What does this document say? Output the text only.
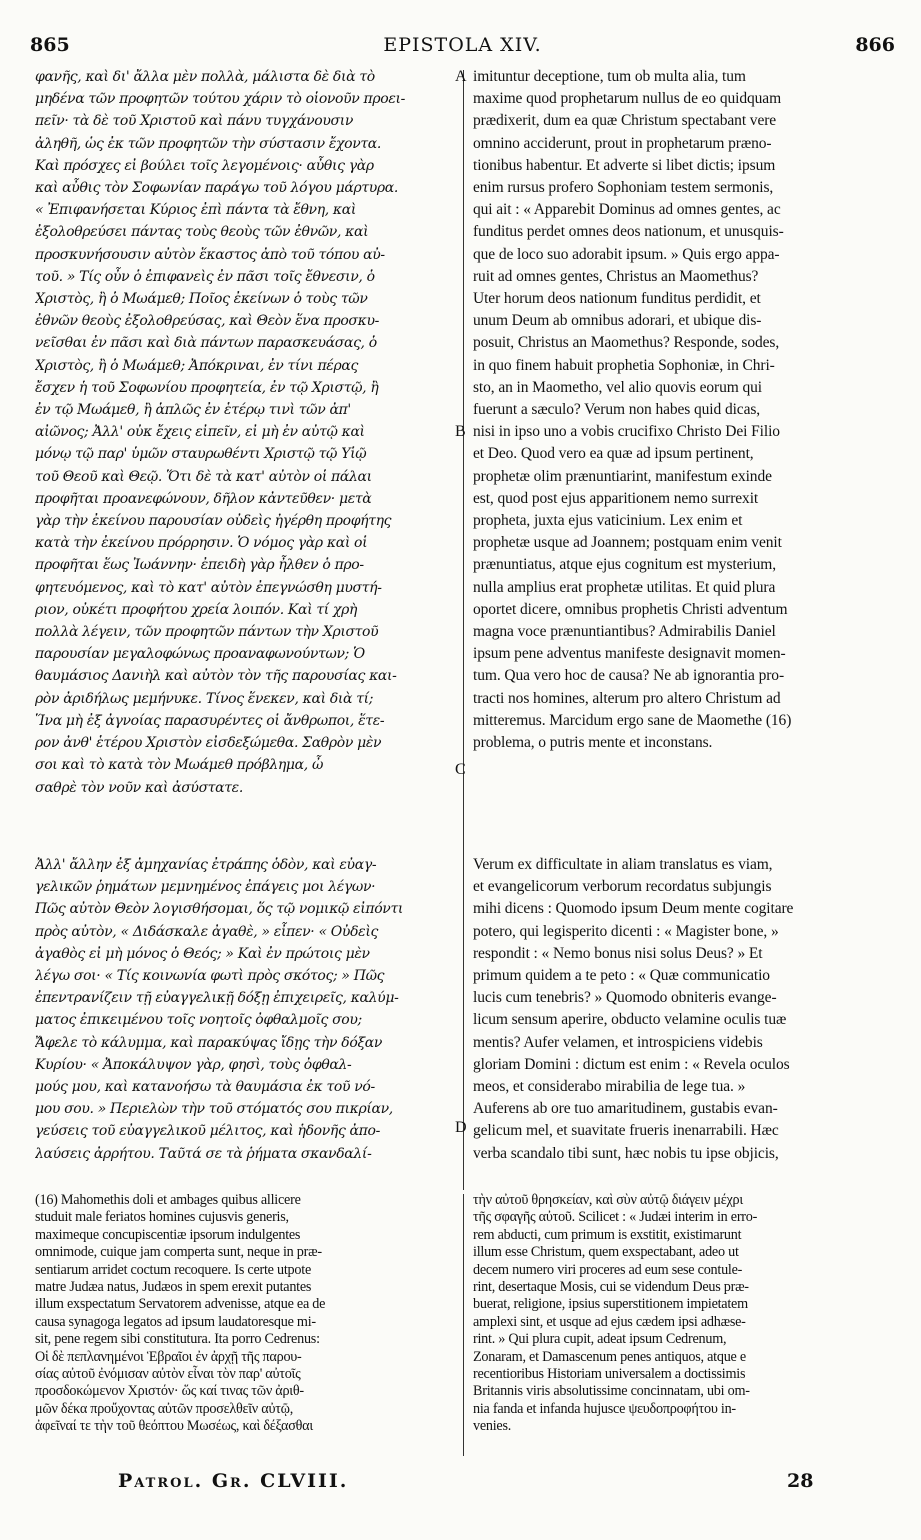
865	EPISTOLA XIV.	866
A
B
C
D
φανῆς, καὶ δι' ἄλλα μὲν πολλὰ, μάλιστα δὲ διὰ τὸ
μηδένα τῶν προφητῶν τούτου χάριν τὸ οἱονοῦν προει-
πεῖν· τὰ δὲ τοῦ Χριστοῦ καὶ πάνυ τυγχάνουσιν
ἀληθῆ, ὡς ἐκ τῶν προφητῶν τὴν σύστασιν ἔχοντα.
Καὶ πρόσχες εἰ βούλει τοῖς λεγομένοις· αὖθις γὰρ
καὶ αὖθις τὸν Σοφωνίαν παράγω τοῦ λόγου μάρτυρα.
« Ἐπιφανήσεται Κύριος ἐπὶ πάντα τὰ ἔθνη, καὶ
ἐξολοθρεύσει πάντας τοὺς θεοὺς τῶν ἐθνῶν, καὶ
προσκυνήσουσιν αὐτὸν ἕκαστος ἀπὸ τοῦ τόπου αὐ-
τοῦ. » Τίς οὖν ὁ ἐπιφανεὶς ἐν πᾶσι τοῖς ἔθνεσιν, ὁ
Χριστὸς, ἢ ὁ Μωάμεθ; Ποῖος ἐκείνων ὁ τοὺς τῶν
ἐθνῶν θεοὺς ἐξολοθρεύσας, καὶ Θεὸν ἕνα προσκυ-
νεῖσθαι ἐν πᾶσι καὶ διὰ πάντων παρασκευάσας, ὁ
Χριστὸς, ἢ ὁ Μωάμεθ; Ἀπόκριναι, ἐν τίνι πέρας
ἔσχεν ἡ τοῦ Σοφωνίου προφητεία, ἐν τῷ Χριστῷ, ἢ
ἐν τῷ Μωάμεθ, ἢ ἁπλῶς ἐν ἑτέρῳ τινὶ τῶν ἀπ'
αἰῶνος; Ἀλλ' οὐκ ἔχεις εἰπεῖν, εἰ μὴ ἐν αὐτῷ καὶ
μόνῳ τῷ παρ' ὑμῶν σταυρωθέντι Χριστῷ τῷ Υἱῷ
τοῦ Θεοῦ καὶ Θεῷ. Ὅτι δὲ τὰ κατ' αὐτὸν οἱ πάλαι
προφῆται προανεφώνουν, δῆλον κἀντεῦθεν· μετὰ
γὰρ τὴν ἐκείνου παρουσίαν οὐδεὶς ἠγέρθη προφήτης
κατὰ τὴν ἐκείνου πρόρρησιν. Ὁ νόμος γὰρ καὶ οἱ
προφῆται ἕως Ἰωάννην· ἐπειδὴ γὰρ ἦλθεν ὁ προ-
φητευόμενος, καὶ τὸ κατ' αὐτὸν ἐπεγνώσθη μυστή-
ριον, οὐκέτι προφήτου χρεία λοιπόν. Καὶ τί χρὴ
πολλὰ λέγειν, τῶν προφητῶν πάντων τὴν Χριστοῦ
παρουσίαν μεγαλοφώνως προαναφωνούντων; Ὁ
θαυμάσιος Δανιὴλ καὶ αὐτὸν τὸν τῆς παρουσίας και-
ρὸν ἀριδήλως μεμήνυκε. Τίνος ἕνεκεν, καὶ διὰ τί;
Ἵνα μὴ ἐξ ἀγνοίας παρασυρέντες οἱ ἄνθρωποι, ἕτε-
ρον ἀνθ' ἑτέρου Χριστὸν εἰσδεξώμεθα. Σαθρὸν μὲν
σοι καὶ τὸ κατὰ τὸν Μωάμεθ πρόβλημα, ὦ
σαθρὲ τὸν νοῦν καὶ ἀσύστατε.
imituntur deceptione, tum ob multa alia, tum
maxime quod prophetarum nullus de eo quidquam
prædixerit, dum ea quæ Christum spectabant vere
omnino acciderunt, prout in prophetarum præno-
tionibus habentur. Et adverte si libet dictis; ipsum
enim rursus profero Sophoniam testem sermonis,
qui ait : « Apparebit Dominus ad omnes gentes, ac
funditus perdet omnes deos nationum, et unusquis-
que de loco suo adorabit ipsum. » Quis ergo appa-
ruit ad omnes gentes, Christus an Maomethus?
Uter horum deos nationum funditus perdidit, et
unum Deum ab omnibus adorari, et ubique dis-
posuit, Christus an Maomethus? Responde, sodes,
in quo finem habuit prophetia Sophoniæ, in Chri-
sto, an in Maomethо, vel alio quovis eorum qui
fuerunt a sæculo? Verum non habes quid dicas,
nisi in ipso uno a vobis crucifixo Christo Dei Filio
et Deo. Quod vero ea quæ ad ipsum pertinent,
prophetæ olim prænuntiarint, manifestum exinde
est, quod post ejus apparitionem nemo surrexit
propheta, juxta ejus vaticinium. Lex enim et
prophetæ usque ad Joannem; postquam enim venit
prænuntiatus, atque ejus cognitum est mysterium,
nulla amplius erat prophetæ utilitas. Et quid plura
oportet dicere, omnibus prophetis Christi adventum
magna voce prænuntiantibus? Admirabilis Daniel
ipsum pene adventus manifeste designavit momen-
tum. Qua vero hoc de causa? Ne ab ignorantia pro-
tracti nos homines, alterum pro altero Christum ad
mitteremus. Marcidum ergo sane de Maomethe (16)
problema, o putris mente et inconstans.
Ἀλλ' ἄλλην ἐξ ἀμηχανίας ἐτράπης ὁδὸν, καὶ εὐαγ-
γελικῶν ῥημάτων μεμνημένος ἐπάγεις μοι λέγων·
Πῶς αὐτὸν Θεὸν λογισθήσομαι, ὅς τῷ νομικῷ εἰπόντι
πρὸς αὐτὸν, « Διδάσκαλε ἀγαθὲ, » εἶπεν· « Οὐδεὶς
ἀγαθὸς εἰ μὴ μόνος ὁ Θεός; » Καὶ ἐν πρώτοις μὲν
λέγω σοι· « Τίς κοινωνία φωτὶ πρὸς σκότος; » Πῶς
ἐπεντρανίζειν τῇ εὐαγγελικῇ δόξῃ ἐπιχειρεῖς, καλύμ-
ματος ἐπικειμένου τοῖς νοητοῖς ὀφθαλμοῖς σου;
Ἄφελε τὸ κάλυμμα, καὶ παρακύψας ἴδῃς τὴν δόξαν
Κυρίου· « Ἀποκάλυψον γὰρ, φησὶ, τοὺς ὀφθαλ-
μούς μου, καὶ κατανοήσω τὰ θαυμάσια ἐκ τοῦ νό-
μου σου. » Περιελὼν τὴν τοῦ στόματός σου πικρίαν,
γεύσεις τοῦ εὐαγγελικοῦ μέλιτος, καὶ ἡδονῆς ἀπο-
λαύσεις ἀρρήτου. Ταῦτά σε τὰ ῥήματα σκανδαλί-
Verum ex difficultate in aliam translatus es viam,
et evangelicorum verborum recordatus subjungis
mihi dicens : Quomodo ipsum Deum mente cogitare
potero, qui legisperito dicenti : « Magister bone, »
respondit : « Nemo bonus nisi solus Deus? » Et
primum quidem a te peto : « Quæ communicatio
lucis cum tenebris? » Quomodo obniteris evange-
licum sensum aperire, obducto velamine oculis tuæ
mentis? Aufer velamen, et introspiciens videbis
gloriam Domini : dictum est enim : « Revela oculos
meos, et considerabo mirabilia de lege tua. »
Auferens ab ore tuo amaritudinem, gustabis evan-
gelicum mel, et suavitate frueris inenarrabili. Hæc
verba scandalo tibi sunt, hæc nobis tu ipse objicis,
(16) Mahomethis doli et ambages quibus allicere
studuit male feriatos homines cujusvis generis,
maximeque concupiscentiæ ipsorum indulgentes
omnimode, cuique jam comperta sunt, neque in præ-
sentiarum arridet coctum recoquere. Is certe utpote
matre Judæa natus, Judæos in spem erexit putantes
illum exspectatum Servatorem advenisse, atque ea de
causa synagoga legatos ad ipsum laudatoresque mi-
sit, pene regem sibi constitutura. Ita porro Cedrenus:
Οἱ δὲ πεπλανημένοι Ἑβραῖοι ἐν ἀρχῇ τῆς παρου-
σίας αὐτοῦ ἐνόμισαν αὐτὸν εἶναι τὸν παρ' αὐτοῖς
προσδοκώμενον Χριστόν· ὥς καί τινας τῶν ἀριθ-
μῶν δέκα προὔχοντας αὐτῶν προσελθεῖν αὐτῷ,
ἀφεῖναί τε τὴν τοῦ θεόπτου Μωσέως, καὶ δέξασθαι
τὴν αὐτοῦ θρησκείαν, καὶ σὺν αὐτῷ διάγειν μέχρι
τῆς σφαγῆς αὐτοῦ. Scilicet : « Judæi interim in erro-
rem abducti, cum primum is exstitit, existimarunt
illum esse Christum, quem exspectabant, adeo ut
decem numero viri proceres ad eum sese contule-
rint, desertaque Mosis, cui se videndum Deus præ-
buerat, religione, ipsius superstitionem impietatem
amplexi sint, et usque ad ejus cædem ipsi adhæse-
rint. » Qui plura cupit, adeat ipsum Cedrenum,
Zonaram, et Damascenum penes antiquos, atque e
recentioribus Historiam universalem a doctissimis
Britannis viris absolutissime concinnatam, ubi om-
nia fanda et infanda hujusce ψευδοπροφήτου in-
venies.
Patrol. Gr. CLVIII.	28
